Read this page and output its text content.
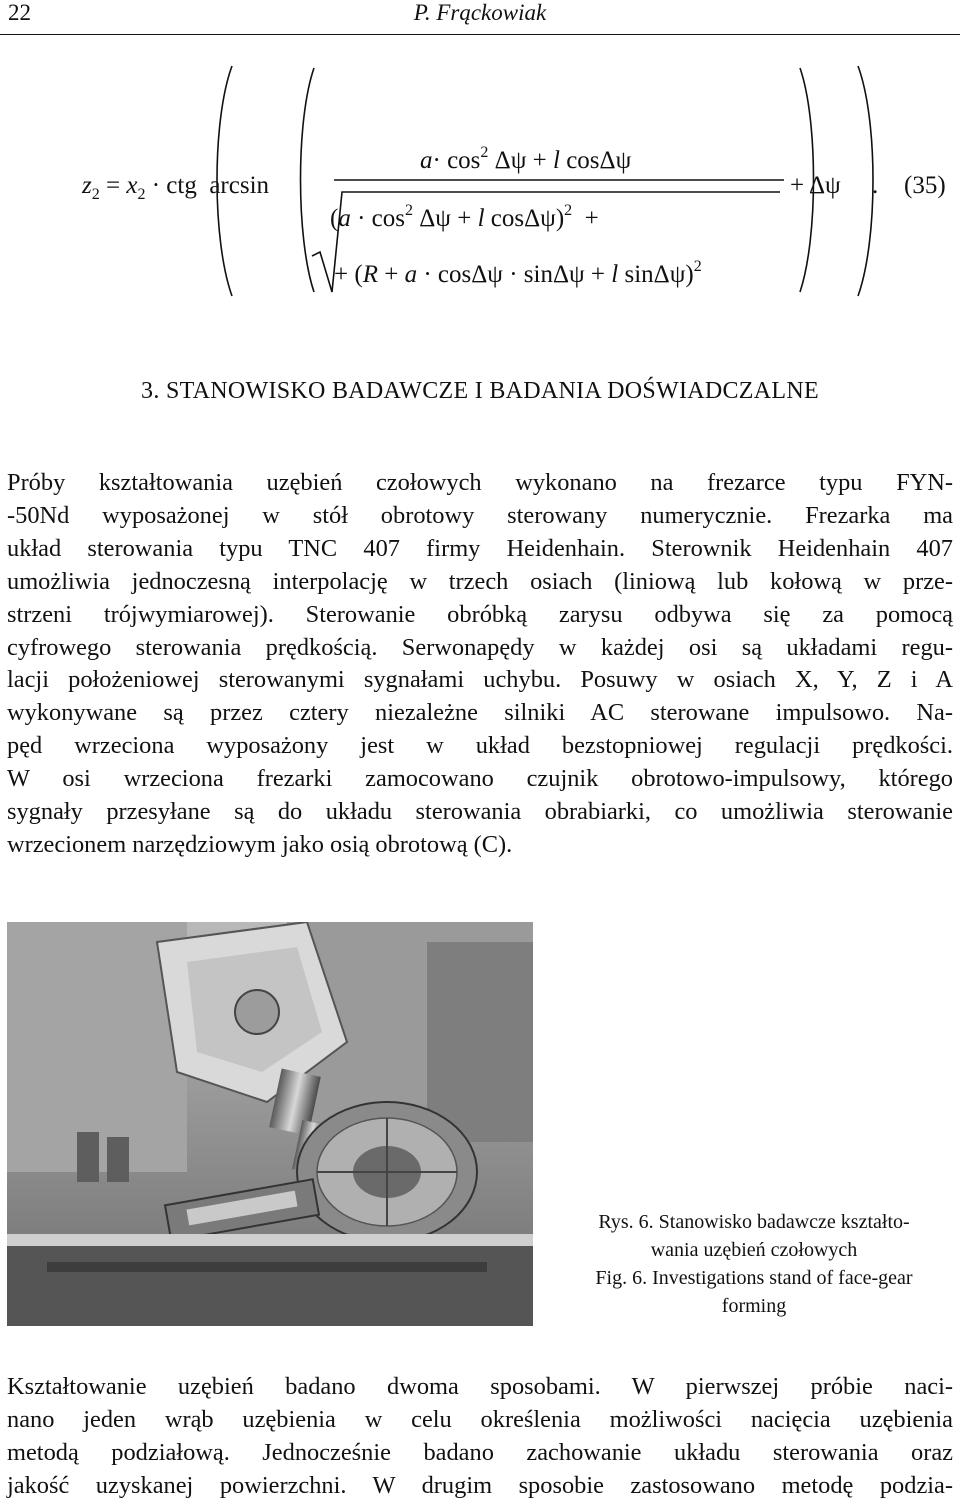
22	P. Frąckowiak
$z_2 = x_2$ · ctg arcsin
$a\cdot \cos^2 \Delta\psi + l$ cosΔψ
($a \cdot \cos^2 \Delta\psi + l$ cosΔψ)$^2$ +
+ (R + a · cosΔψ · sinΔψ + l sinΔψ)$^2$
+ Δψ . (35)
3. STANOWISKO BADAWCZE I BADANIA DOŚWIADCZALNE
Próby kształtowania uzębień czołowych wykonano na frezarce typu FYN-
-50Nd wyposażonej w stół obrotowy sterowany numerycznie. Frezarka ma
układ sterowania typu TNC 407 firmy Heidenhain. Sterownik Heidenhain 407
umożliwia jednoczesną interpolację w trzech osiach (liniową lub kołową w prze-
strzeni trójwymiarowej). Sterowanie obróbką zarysu odbywa się za pomocą
cyfrowego sterowania prędkością. Serwonapędy w każdej osi są układami regu-
lacji położeniowej sterowanymi sygnałami uchybu. Posuwy w osiach X, Y, Z i A
wykonywane są przez cztery niezależne silniki AC sterowane impulsowo. Na-
pęd wrzeciona wyposażony jest w układ bezstopniowej regulacji prędkości.
W osi wrzeciona frezarki zamocowano czujnik obrotowo-impulsowy, którego
sygnały przesyłane są do układu sterowania obrabiarki, co umożliwia sterowanie
wrzecionem narzędziowym jako osią obrotową (C).
Rys. 6. Stanowisko badawcze kształto-
wania uzębień czołowych
Fig. 6. Investigations stand of face-gear
forming
Kształtowanie uzębień badano dwoma sposobami. W pierwszej próbie naci-
nano jeden wrąb uzębienia w celu określenia możliwości nacięcia uzębienia
metodą podziałową. Jednocześnie badano zachowanie układu sterowania oraz
jakość uzyskanej powierzchni. W drugim sposobie zastosowano metodę podzia-
